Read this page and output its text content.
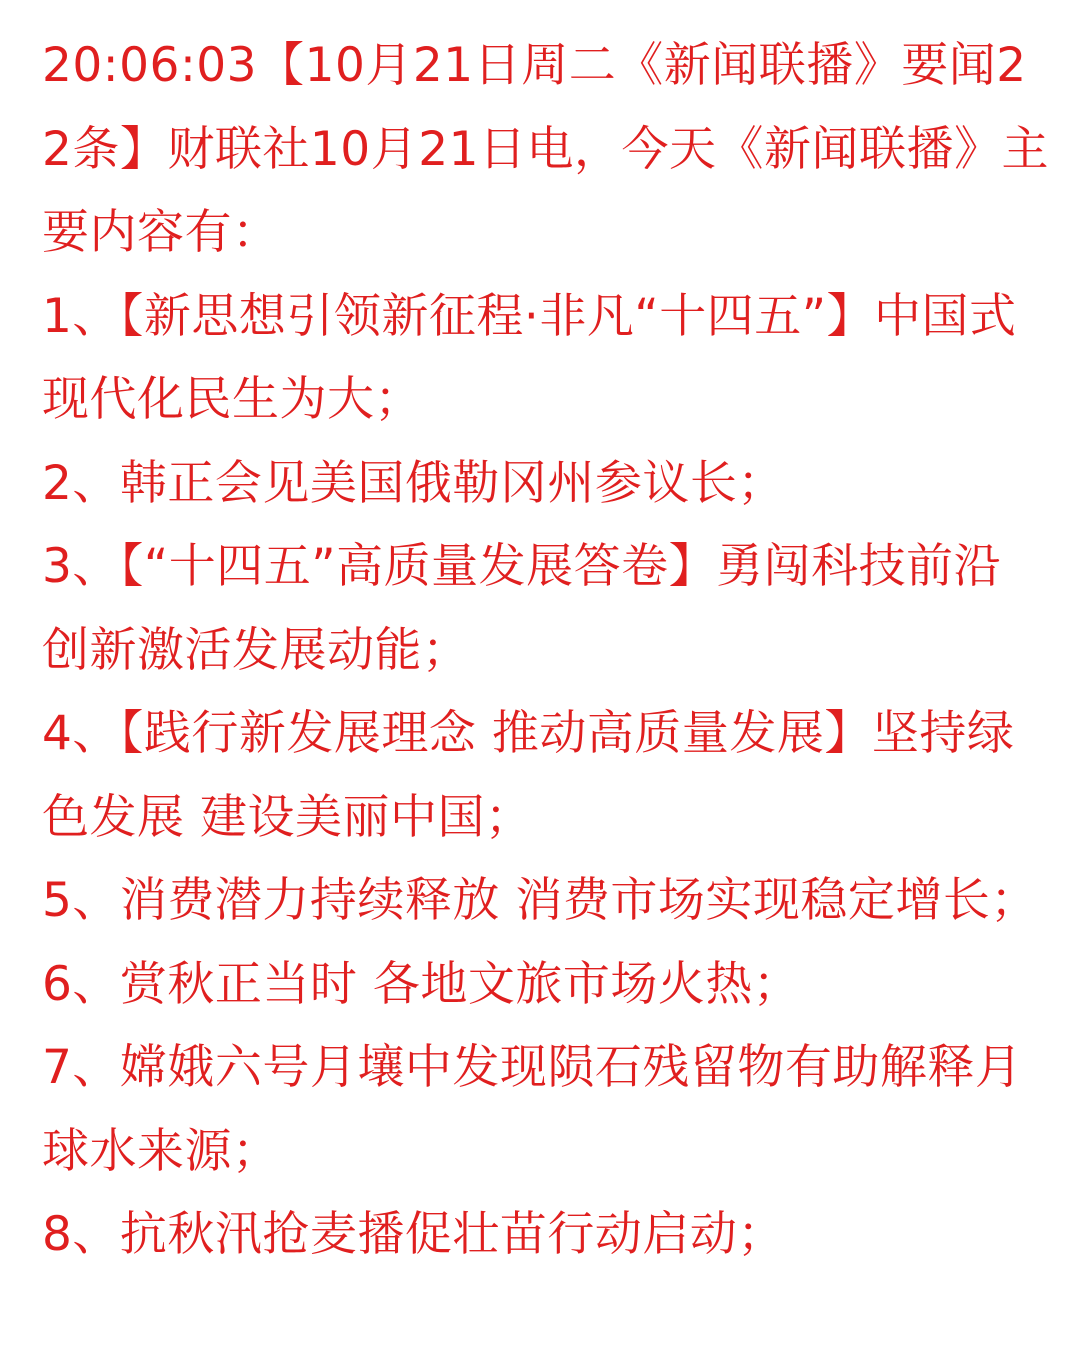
20:06:03【10月21日周二《新闻联播》要闻22条】财联社10月21日电，今天《新闻联播》主要内容有：

1、【新思想引领新征程·非凡“十四五”】中国式现代化民生为大；

2、韩正会见美国俄勒冈州参议长；

3、【“十四五”高质量发展答卷】勇闯科技前沿 创新激活发展动能；

4、【践行新发展理念 推动高质量发展】坚持绿色发展 建设美丽中国；

5、消费潜力持续释放 消费市场实现稳定增长；

6、赏秋正当时 各地文旅市场火热；

7、嫦娥六号月壤中发现陨石残留物有助解释月球水来源；

8、抗秋汛抢麦播促壮苗行动启动；
